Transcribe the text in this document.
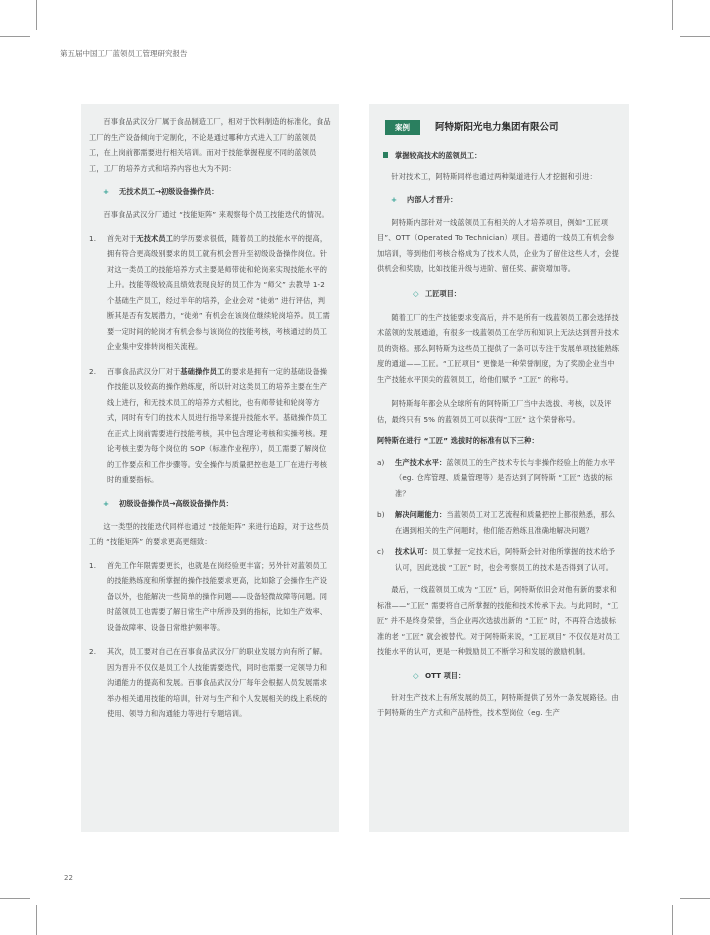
第五届中国工厂蓝领员工管理研究报告

百事食品武汉分厂属于食品制造工厂，相对于饮料制造的标准化，食品工厂的生产设备倾向于定制化，不论是通过哪种方式进入工厂的蓝领员工，在上岗前都需要进行相关培训。而对于技能掌握程度不同的蓝领员工，工厂的培养方式和培养内容也大为不同：

+ 无技术员工→初级设备操作员：

百事食品武汉分厂通过 “技能矩阵” 来观察每个员工技能迭代的情况。

1. 首先对于无技术员工的学历要求很低，随着员工的技能水平的提高，拥有符合更高级别要求的员工就有机会晋升至初级设备操作岗位。针对这一类员工的技能培养方式主要是师带徒和轮岗来实现技能水平的上升。技能等级较高且绩效表现良好的员工作为 “师父” 去教导 1-2 个基础生产员工，经过半年的培养，企业会对 “徒弟” 进行评估，判断其是否有发展潜力，“徒弟” 有机会在该岗位继续轮岗培养。员工需要一定时间的轮岗才有机会参与该岗位的技能考核，考核通过的员工企业集中安排转岗相关流程。

2. 百事食品武汉分厂对于基础操作员工的要求是拥有一定的基础设备操作技能以及较高的操作熟练度，所以针对这类员工的培养主要在生产线上进行，和无技术员工的培养方式相比，也有师带徒和轮岗等方式，同时有专门的技术人员进行指导来提升技能水平。基础操作员工在正式上岗前需要进行技能考核，其中包含理论考核和实操考核。理论考核主要为每个岗位的 SOP（标准作业程序），员工需要了解岗位的工作要点和工作步骤等。安全操作与质量把控也是工厂在进行考核时的重要指标。

+ 初级设备操作员→高级设备操作员：

这一类型的技能迭代同样也通过 “技能矩阵” 来进行追踪，对于这些员工的 “技能矩阵” 的要求更高更细致：

1. 首先工作年限需要更长，也就是在岗经验更丰富；另外针对蓝领员工的技能熟练度和所掌握的操作技能要求更高，比如除了会操作生产设备以外，也能解决一些简单的操作问题——设备轻微故障等问题。同时蓝领员工也需要了解日常生产中所涉及到的指标，比如生产效率、设备故障率、设备日常维护频率等。

2. 其次，员工要对自己在百事食品武汉分厂的职业发展方向有所了解。因为晋升不仅仅是员工个人技能需要迭代，同时也需要一定领导力和沟通能力的提高和发展。百事食品武汉分厂每年会根据人员发展需求举办相关通用技能的培训，针对与生产和个人发展相关的线上系统的使用、领导力和沟通能力等进行专题培训。

案例	阿特斯阳光电力集团有限公司
掌握较高技术的蓝领员工：

针对技术工，阿特斯同样也通过两种渠道进行人才挖掘和引进：

+ 内部人才晋升：

阿特斯内部针对一线蓝领员工有相关的人才培养项目，例如“工匠项目”、OTT（Operated To Technician）项目。普通的一线员工有机会参加培训，等到他们考核合格成为了技术人员，企业为了留住这些人才，会提供机会和奖励，比如技能升级与进阶、留任奖、薪资增加等。

◇ 工匠项目：

随着工厂的生产技能要求变高后，并不是所有一线蓝领员工都会选择技术蓝领的发展通道，有很多一线蓝领员工在学历和知识上无法达到晋升技术员的资格。那么阿特斯为这些员工提供了一条可以专注于发展单项技能熟练度的通道——工匠。“工匠项目” 更像是一种荣誉制度，为了奖励企业当中生产技能水平顶尖的蓝领员工，给他们赋予 “工匠” 的称号。

阿特斯每年都会从全球所有的阿特斯工厂当中去选拔、考核，以及评估，最终只有 5% 的蓝领员工可以获得“工匠” 这个荣誉称号。

阿特斯在进行 “工匠” 选拔时的标准有以下三种：

a) 生产技术水平：蓝领员工的生产技术专长与非操作经验上的能力水平（eg. 仓库管理、质量管理等）是否达到了阿特斯 “工匠” 选拔的标准？

b) 解决问题能力：当蓝领员工对工艺流程和质量把控上都很熟悉，那么在遇到相关的生产问题时，他们能否熟练且准确地解决问题？

c) 技术认可：员工掌握一定技术后，阿特斯会针对他所掌握的技术给予认可，因此选拔 “工匠” 时，也会考察员工的技术是否得到了认可。

最后，一线蓝领员工成为 “工匠” 后，阿特斯依旧会对他有新的要求和标准——“工匠” 需要将自己所掌握的技能和技术传承下去。与此同时，“工匠” 并不是终身荣誉，当企业再次选拔出新的 “工匠” 时，不再符合选拔标准的老 “工匠” 就会被替代。对于阿特斯来说，“工匠项目” 不仅仅是对员工技能水平的认可，更是一种鼓励员工不断学习和发展的激励机制。

◇ OTT 项目：

针对生产技术上有所发展的员工，阿特斯提供了另外一条发展路径。由于阿特斯的生产方式和产品特性，技术型岗位（eg. 生产

22
